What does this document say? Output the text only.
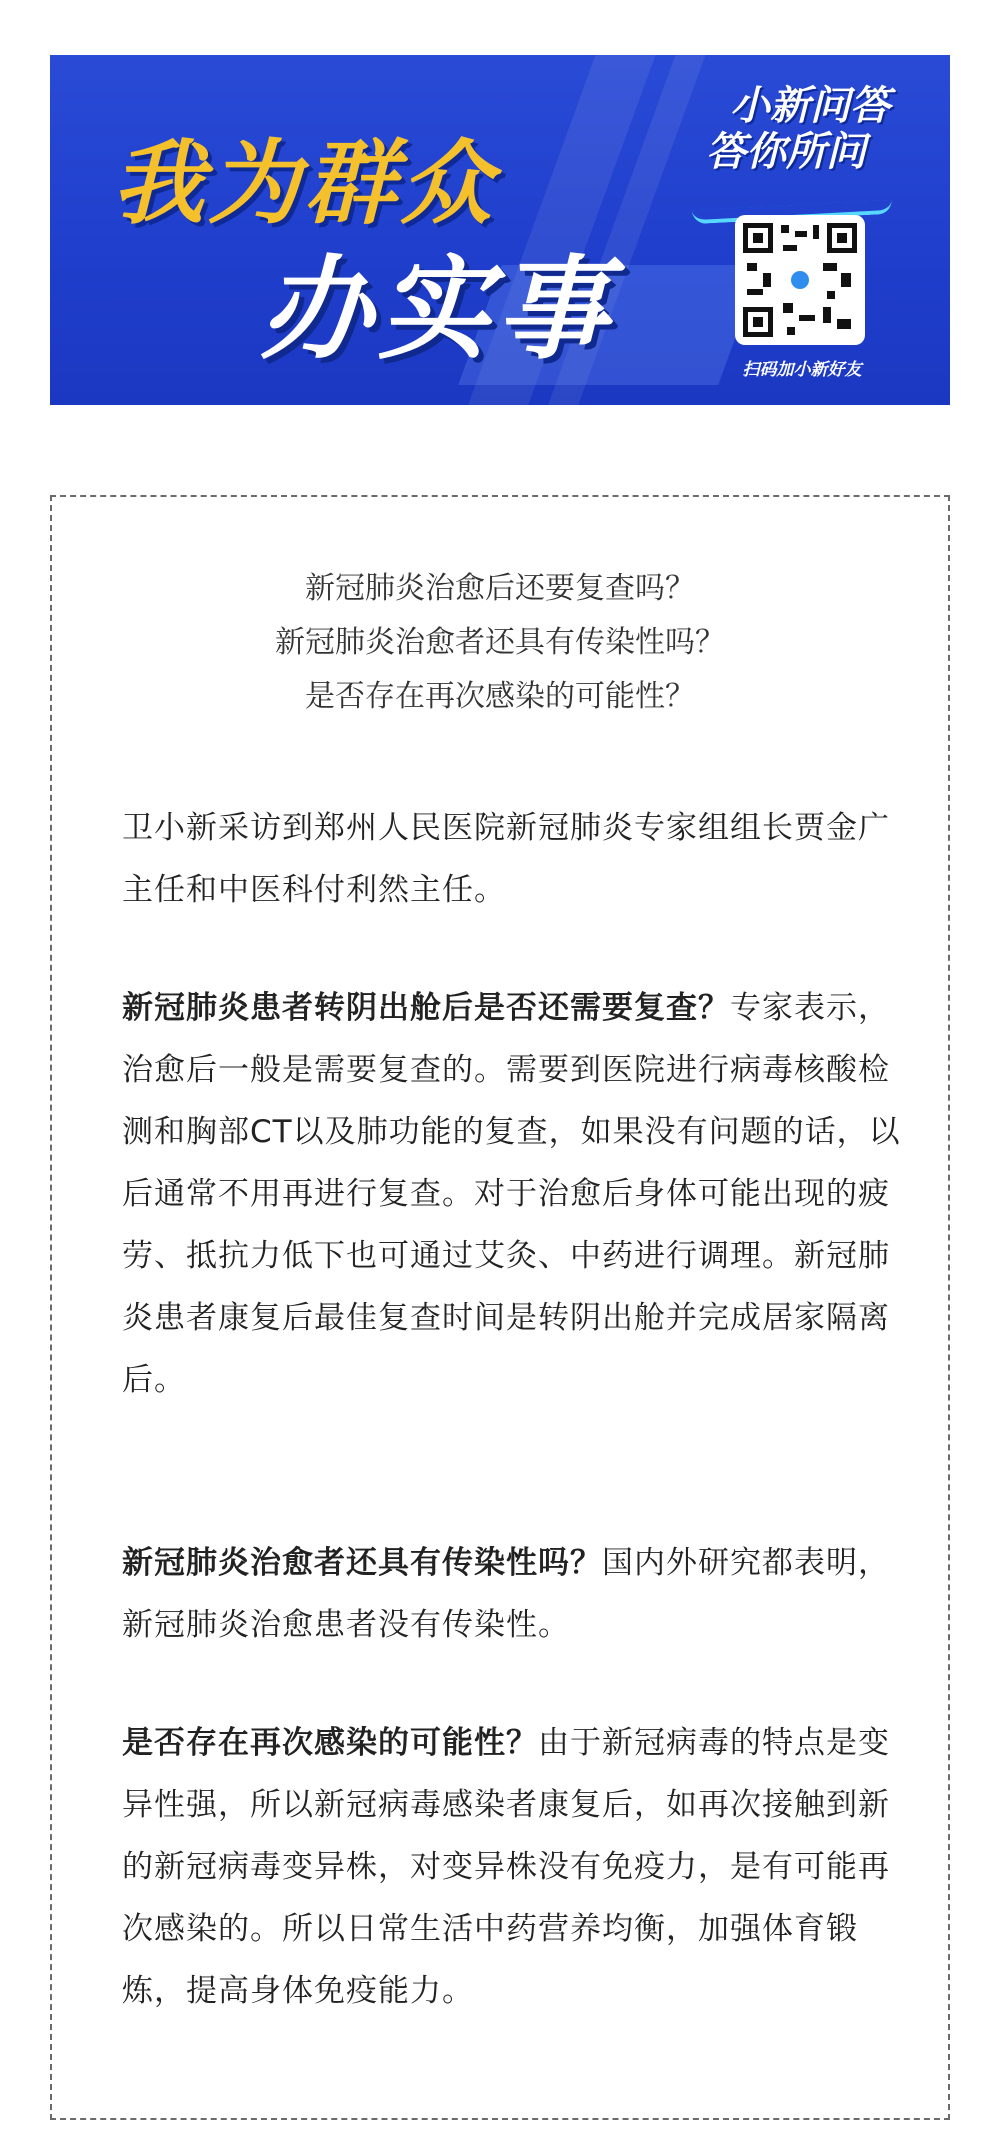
我为群众
办实事
小新问答
答你所问
扫码加小新好友
新冠肺炎治愈后还要复查吗？
新冠肺炎治愈者还具有传染性吗？
是否存在再次感染的可能性？

卫小新采访到郑州人民医院新冠肺炎专家组组长贾金广主任和中医科付利然主任。

新冠肺炎患者转阴出舱后是否还需要复查？专家表示，治愈后一般是需要复查的。需要到医院进行病毒核酸检测和胸部CT以及肺功能的复查，如果没有问题的话，以后通常不用再进行复查。对于治愈后身体可能出现的疲劳、抵抗力低下也可通过艾灸、中药进行调理。新冠肺炎患者康复后最佳复查时间是转阴出舱并完成居家隔离后。

新冠肺炎治愈者还具有传染性吗？国内外研究都表明，新冠肺炎治愈患者没有传染性。

是否存在再次感染的可能性？由于新冠病毒的特点是变异性强，所以新冠病毒感染者康复后，如再次接触到新的新冠病毒变异株，对变异株没有免疫力，是有可能再次感染的。所以日常生活中药营养均衡，加强体育锻炼，提高身体免疫能力。
